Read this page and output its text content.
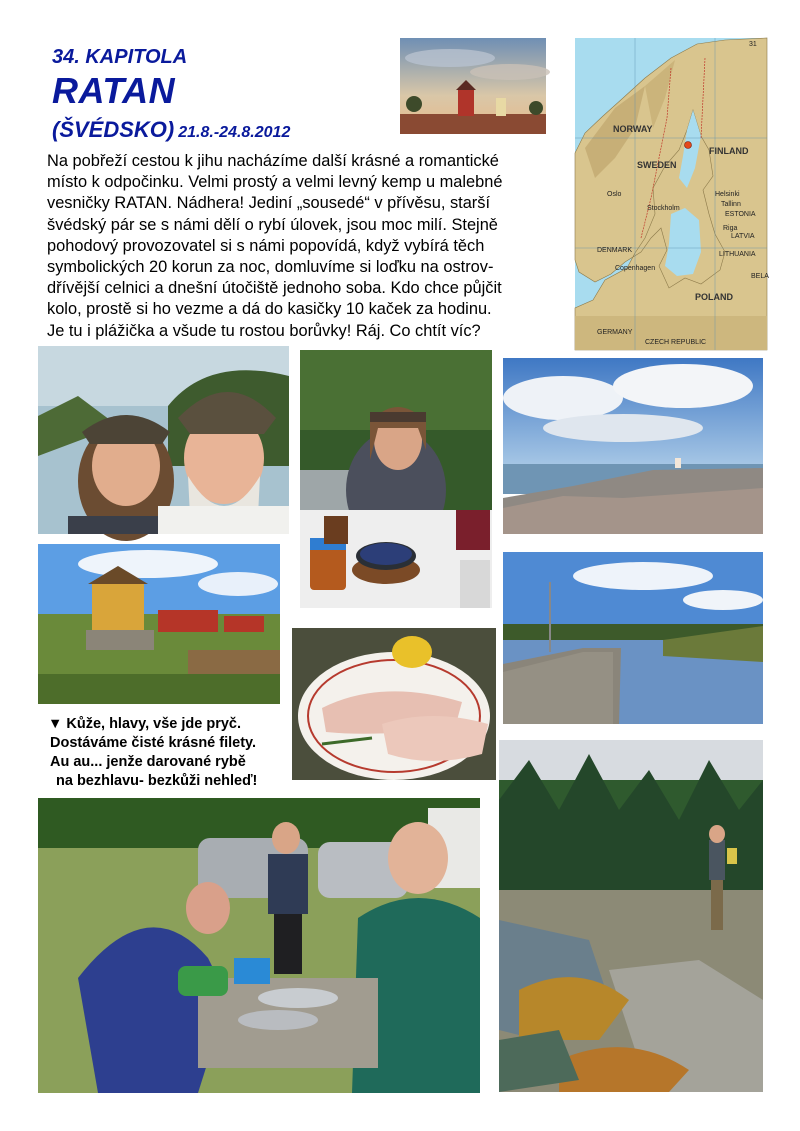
34. KAPITOLA
RATAN
(ŠVÉDSKO) 21.8.-24.8.2012
Na pobřeží cestou k jihu nacházíme další krásné a romantické
místo k odpočinku. Velmi prostý a velmi levný kemp u malebné
vesničky RATAN. Nádhera! Jediní „sousedé“ v přívěsu, starší
švédský pár se s námi dělí o rybí úlovek, jsou moc milí. Stejně
pohodový provozovatel si s námi popovídá, když vybírá těch
symbolických 20 korun za noc, domluvíme si loďku na ostrov-
dřívější celnici a dnešní útočiště jednoho soba. Kdo chce půjčit
kolo, prostě si ho vezme a dá do kasičky 10 kaček za hodinu.
Je tu i plážička a všude tu rostou borůvky! Ráj. Co chtít víc?
31
NORWAY
SWEDEN
FINLAND
DENMARK
ESTONIA
LATVIA
LITHUANIA
POLAND
GERMANY
BELA
Stockholm
Helsinki
Oslo
Copenhagen
Riga
Tallinn
CZECH REPUBLIC
▼ Kůže, hlavy, vše jde pryč.
Dostáváme čisté krásné filety.
Au au... jenže darované rybě
na bezhlavu- bezkůži nehleď!
